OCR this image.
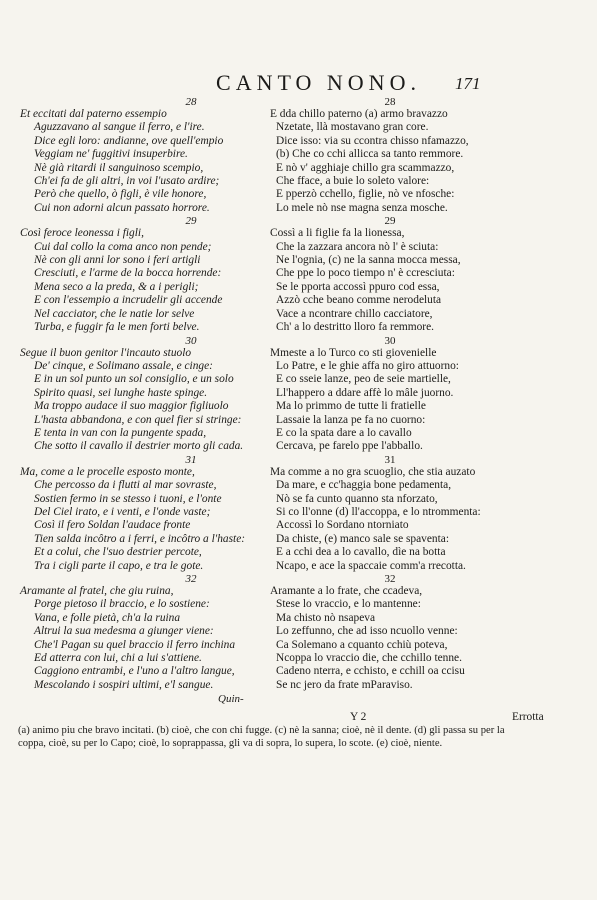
CANTO NONO.	171
28
Et eccitati dal paterno essempio
Aguzzavano al sangue il ferro, e l'ire.
Dice egli loro: andianne, ove quell'empio
Veggiam ne' fuggitivi insuperbire.
Nè già ritardi il sanguinoso scempio,
Ch'ei fa de gli altri, in voi l'usato ardire;
Però che quello, ò figli, è vile honore,
Cui non adorni alcun passato horrore.
29
Così feroce leonessa i figli,
Cui dal collo la coma anco non pende;
Nè con gli anni lor sono i feri artigli
Cresciuti, e l'arme de la bocca horrende:
Mena seco a la preda, & a i perigli;
E con l'essempio a incrudelir gli accende
Nel cacciator, che le natie lor selve
Turba, e fuggir fa le men forti belve.
30
Segue il buon genitor l'incauto stuolo
De' cinque, e Solimano assale, e cinge:
E in un sol punto un sol consiglio, e un solo
Spirito quasi, sei lunghe haste spinge.
Ma troppo audace il suo maggior figliuolo
L'hasta abbandona, e con quel fier si stringe:
E tenta in van con la pungente spada,
Che sotto il cavallo il destrier morto gli cada.
31
Ma, come a le procelle esposto monte,
Che percosso da i flutti al mar sovraste,
Sostien fermo in se stesso i tuoni, e l'onte
Del Ciel irato, e i venti, e l'onde vaste;
Così il fero Soldan l'audace fronte
Tien salda incôtro a i ferri, e incôtro a l'haste:
Et a colui, che l'suo destrier percote,
Tra i cigli parte il capo, e tra le gote.
32
Aramante al fratel, che giu ruina,
Porge pietoso il braccio, e lo sostiene:
Vana, e folle pietà, ch'a la ruina
Altrui la sua medesma a giunger viene:
Che'l Pagan su quel braccio il ferro inchina
Ed atterra con lui, chi a lui s'attiene.
Caggiono entrambi, e l'uno a l'altro langue,
Mescolando i sospiri ultimi, e'l sangue.
28
E dda chillo paterno (a) armo bravazzo
Nzetate, llà mostavano gran core.
Dice isso: via su ccontra chisso nfamazzo,
(b) Che co cchi allicca sa tanto remmore.
E nò v' agghiaje chillo gra scammazzo,
Che fface, a buie lo soleto valore:
E pperzò cchello, figlie, nò ve nfosche:
Lo mele nò nse magna senza mosche.
29
Cossì a li figlie fa la lionessa,
Che la zazzara ancora nò l' è sciuta:
Ne l'ognia, (c) ne la sanna mocca messa,
Che ppe lo poco tiempo n' è ccresciuta:
Se le pporta accossì ppuro cod essa,
Azzò cche beano comme nerodeluta
Vace a ncontrare chillo cacciatore,
Ch' a lo destritto lloro fa remmore.
30
Mmeste a lo Turco co sti giovenielle
Lo Patre, e le ghie affa no giro attuorno:
E co sseie lanze, peo de seie martielle,
Ll'happero a ddare affè lo mâle juorno.
Ma lo primmo de tutte li fratielle
Lassaie la lanza pe fa no cuorno:
E co la spata dare a lo cavallo
Cercava, pe farelo ppe l'abballo.
31
Ma comme a no gra scuoglio, che stia auzato
Da mare, e cc'haggia bone pedamenta,
Nò se fa cunto quanno sta nforzato,
Si co ll'onne (d) ll'accoppa, e lo ntrommenta:
Accossì lo Sordano ntorniato
Da chiste, (e) manco sale se spaventa:
E a cchi dea a lo cavallo, dìe na botta
Ncapo, e ace la spaccaie comm'a rrecotta.
32
Aramante a lo frate, che ccadeva,
Stese lo vraccio, e lo mantenne:
Ma chisto nò nsapeva
Lo zeffunno, che ad isso ncuollo venne:
Ca Solemano a cquanto cchiù poteva,
Ncoppa lo vraccio die, che cchillo tenne.
Cadeno nterra, e cchisto, e cchill oa ccisu
Se nc jero da frate mParaviso.
Quin-
Y 2	Errotta
(a) animo piu che bravo incitati. (b) cioè, che con chi fugge. (c) nè la sanna; cioè, nè il dente. (d) gli passa su per la
coppa, cioè, su per lo Capo; cioè, lo soprappassa, gli va di sopra, lo supera, lo scote. (e) cioè, niente.
